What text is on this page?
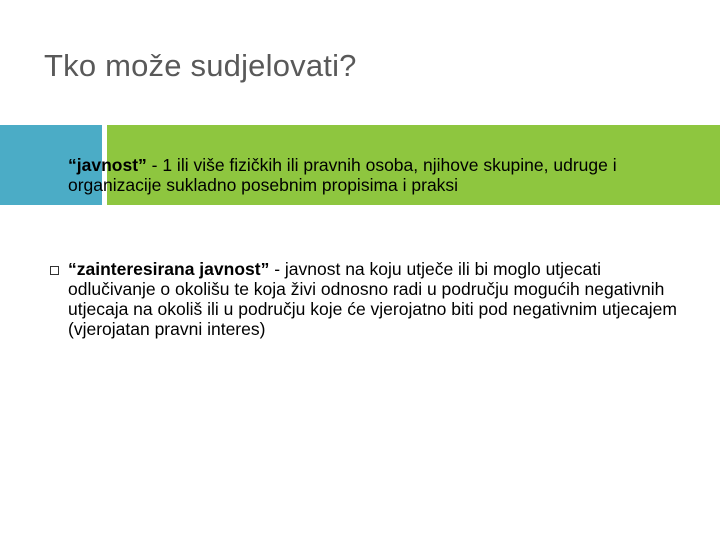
Tko može sudjelovati?
“javnost” - 1 ili više fizičkih ili pravnih osoba, njihove skupine, udruge i organizacije sukladno posebnim propisima i praksi
“zainteresirana javnost” - javnost na koju utječe ili bi moglo utjecati odlučivanje o okolišu te koja živi odnosno radi u području mogućih negativnih utjecaja na okoliš ili u području koje će vjerojatno biti pod negativnim utjecajem (vjerojatan pravni interes)
